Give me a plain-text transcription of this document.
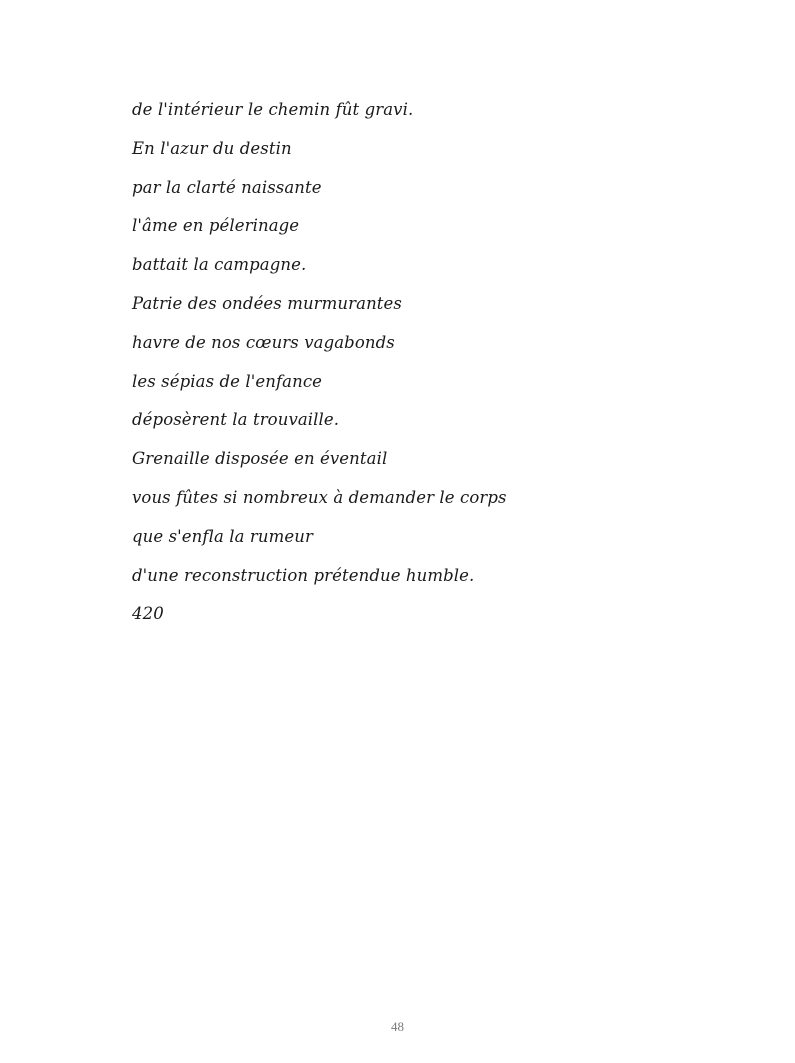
de l'intérieur le chemin fût gravi.
En l'azur du destin
par la clarté naissante
l'âme en pélerinage
battait la campagne.
Patrie des ondées murmurantes
havre de nos cœurs vagabonds
les sépias de l'enfance
déposèrent la trouvaille.
Grenaille disposée en éventail
vous fûtes si nombreux à demander le corps
que s'enfla la rumeur
d'une reconstruction prétendue humble.
420
48
